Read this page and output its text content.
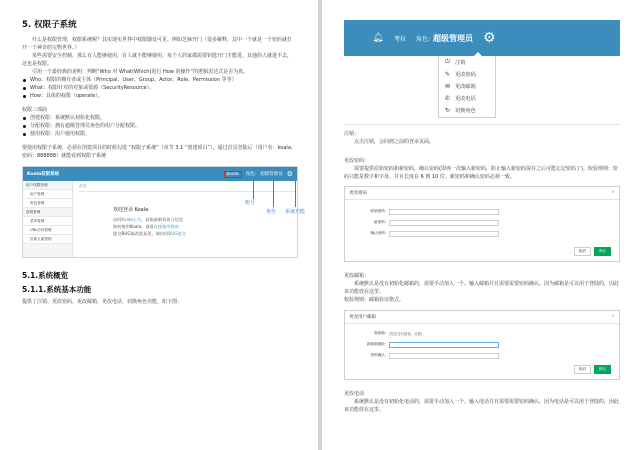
5. 权限子系统

什么是权限管理，权限系统呢？其实现实世界中权限随处可见。例如芝麻开门（很多解释，其中一个就是一个密码就打开一个神奇的宝物世界。）

某些需要安全控制，那么有人能够使用，有人就不能够使用，每个人的家都需要钥匙开门才能进。其他的人就进不去，这也是权限。

引用一个最经典的说明：判断“Who 对 What(Which)进行 How 的操作”的逻辑表达式是否为真。

Who：权限的拥有者或主体（Principal、User、Group、Actor、Role、Permission 等等）
What：权限针对的对象或资源（SecurityResource）。
How：具体的权限（operate）。

权限三部曲

创建权限：系统默认初始化权限。
分配权限：拥有超级管理员角色的用户分配权限。
使用权限：用户使用权限。

要使用权限子系统，必须在创建项目的时候勾选 “权限子系统”（章节 3.1 “创建项目”），通过首页登陆后（用户名：koala，密码：888888）就能看到权限子系统

Koala权限系统	koala	角色: 超级管理员 ⚙
用户权限管理
用户管理
角色管理
资源管理
菜单管理
URL访问管理
页面元素管理
首页
欢迎登录 Koala
访问Koala主页，获取最新资讯与信息
如何使用Koala，查看在线使用指南
提交BUG或改进意见，请访问BUG提交
账号
角色 系统功能
5.1.系统概览
5.1.1.系统基本功能

提供了注销、更改密码、更改邮箱、更改电话、切换角色功能，如下图：

🔔︎ 考拉 角色: 超级管理员 ⚙
⏻ 注销
✎ 更改密码
✉ 更改邮箱
✆ 更改电话
↻ 切换角色

注销：

点击注销，会回到之前的登录页面。

更改密码：

需要提供原始密码和新密码，确认密码(即再一次输入新密码，防止输入新密码保存之后可能忘记密码了)。校验规则：密码只能是数字和字母，并且长度在 6 到 10 位。新密码和确认密码必须一致。

更改密码	×
原始密码:
新密码:
确认密码:
取消	保存

更改邮箱：

系统默认是没有初始化邮箱的，需要手动加入一个。输入邮箱并且需要需要密码确认。因为邮箱是可以用于登陆的，因此该功能放在这里。

校验规则：邮箱验证格式。

更改用户邮箱	×
原邮箱: (您还没有邮箱，设置)
新邮箱地址:
密码确认:
取消	保存

更改电话

系统默认是没有初始化电话的，需要手动加入一个。输入电话并且需要需要密码确认。因为电话是可以用于登陆的，因此该功能放在这里。
